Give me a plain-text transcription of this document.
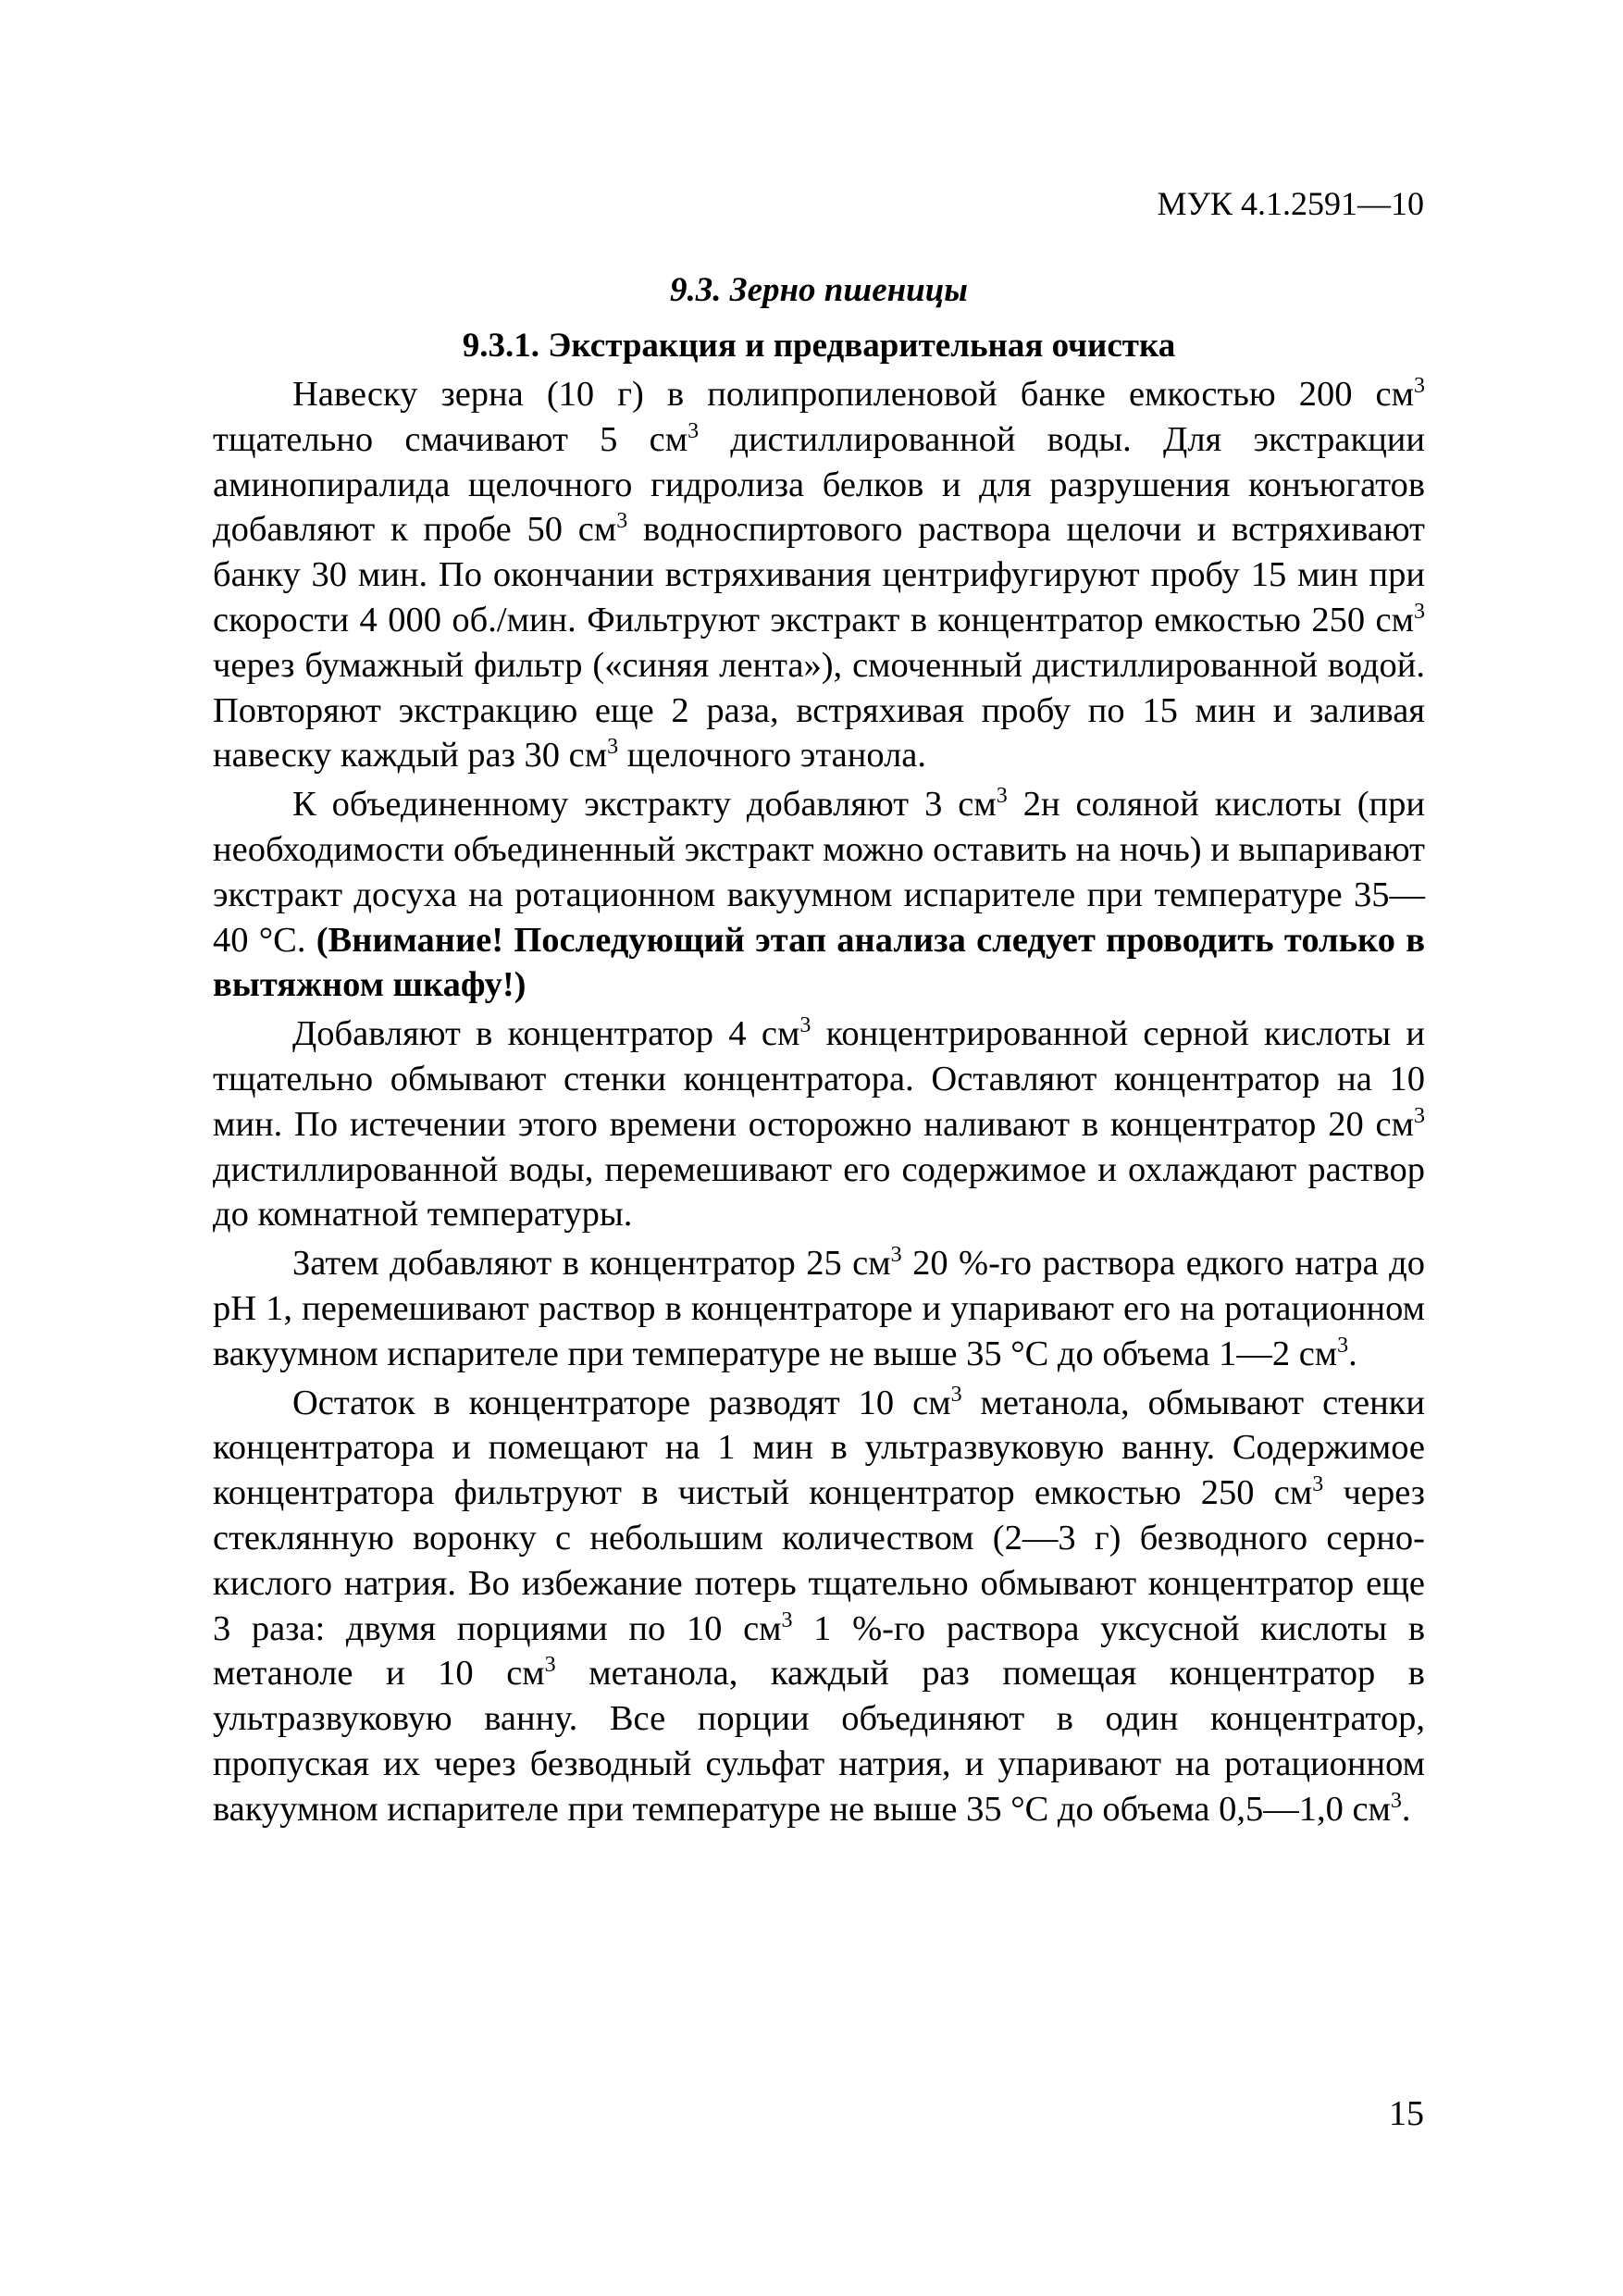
МУК 4.1.2591—10
9.3. Зерно пшеницы
9.3.1. Экстракция и предварительная очистка

Навеску зерна (10 г) в полипропиленовой банке емкостью 200 $см^3$ тщательно смачивают 5 $см^3$ дистиллированной воды. Для экстракции аминопиралида щелочного гидролиза белков и для разрушения конъюгатов добавляют к пробе 50 $см^3$ водноспиртового раствора щелочи и встряхивают банку 30 мин. По окончании встряхивания центрифугируют пробу 15 мин при скорости 4 000 об./мин. Фильтруют экстракт в концентратор емкостью 250 $см^3$ через бумажный фильтр («синяя лента»), смоченный дистиллированной водой. Повторяют экстракцию еще 2 раза, встряхивая пробу по 15 мин и заливая навеску каждый раз 30 $см^3$ щелочного этанола.

К объединенному экстракту добавляют 3 $см^3$ 2н соляной кислоты (при необходимости объединенный экстракт можно оставить на ночь) и выпаривают экстракт досуха на ротационном вакуумном испарителе при температуре 35—40 °С. (Внимание! Последующий этап анализа следует проводить только в вытяжном шкафу!)

Добавляют в концентратор 4 $см^3$ концентрированной серной кислоты и тщательно обмывают стенки концентратора. Оставляют концентратор на 10 мин. По истечении этого времени осторожно наливают в концентратор 20 $см^3$ дистиллированной воды, перемешивают его содержимое и охлаждают раствор до комнатной температуры.

Затем добавляют в концентратор 25 $см^3$ 20 %-го раствора едкого натра до рН 1, перемешивают раствор в концентраторе и упаривают его на ротационном вакуумном испарителе при температуре не выше 35 °С до объема 1—2 $см^3$.

Остаток в концентраторе разводят 10 $см^3$ метанола, обмывают стенки концентратора и помещают на 1 мин в ультразвуковую ванну. Содержимое концентратора фильтруют в чистый концентратор емкостью 250 $см^3$ через стеклянную воронку с небольшим количеством (2—3 г) безводного серно-кислого натрия. Во избежание потерь тщательно обмывают концентратор еще 3 раза: двумя порциями по 10 $см^3$ 1 %-го раствора уксусной кислоты в метаноле и 10 $см^3$ метанола, каждый раз помещая концентратор в ультразвуковую ванну. Все порции объединяют в один концентратор, пропуская их через безводный сульфат натрия, и упаривают на ротационном вакуумном испарителе при температуре не выше 35 °С до объема 0,5—1,0 $см^3$.

15
